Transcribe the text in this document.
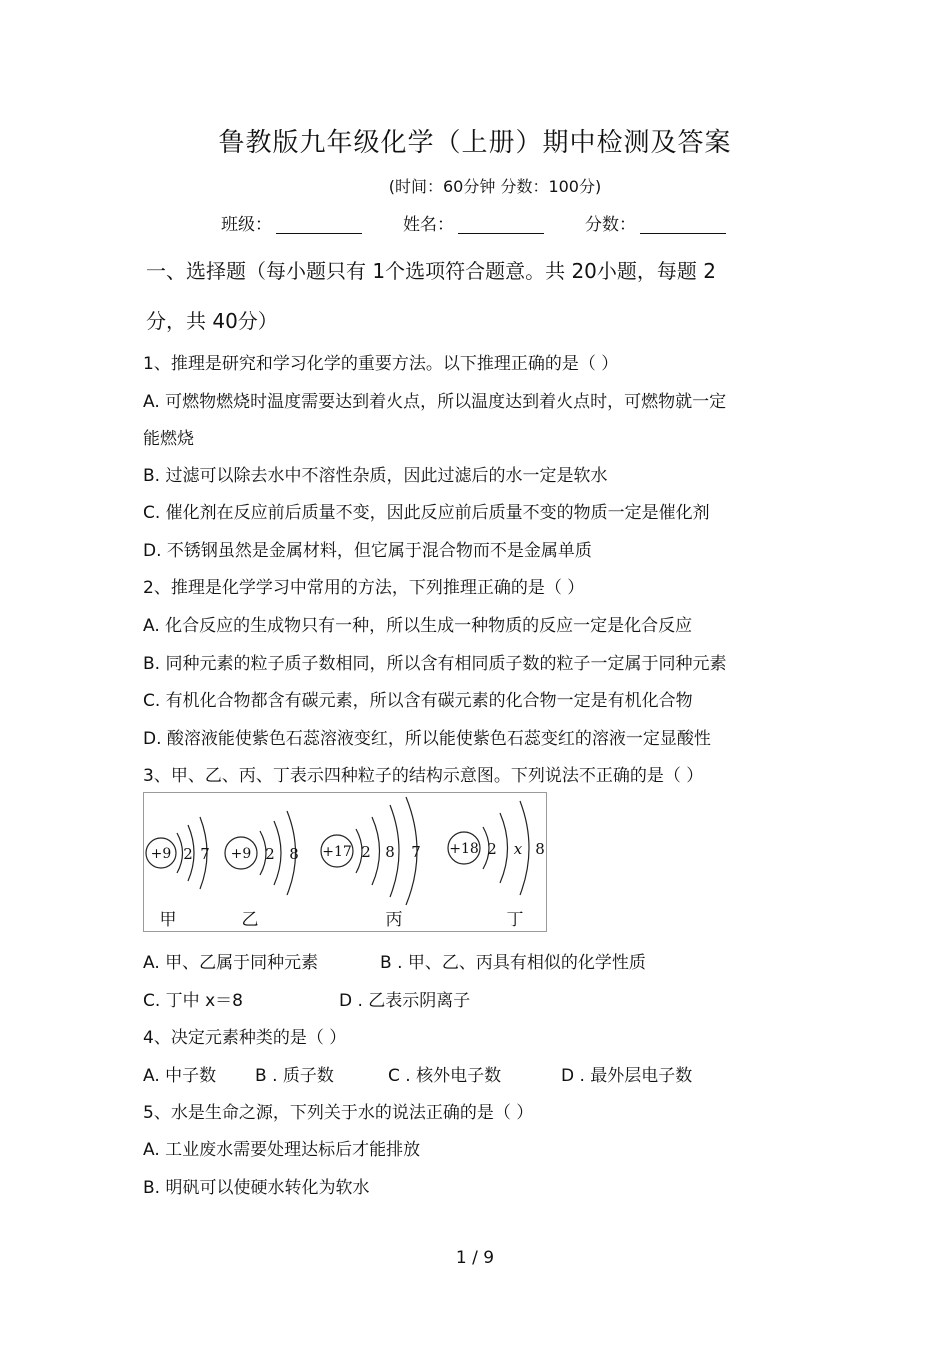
鲁教版九年级化学（上册）期中检测及答案
(时间：60分钟 分数：100分)
班级：	姓名：	分数：
一、选择题（每小题只有 1个选项符合题意。共 20小题，每题 2
分，共 40分）
1、推理是研究和学习化学的重要方法。以下推理正确的是（ ）
A. 可燃物燃烧时温度需要达到着火点，所以温度达到着火点时，可燃物就一定
能燃烧
B. 过滤可以除去水中不溶性杂质，因此过滤后的水一定是软水
C. 催化剂在反应前后质量不变，因此反应前后质量不变的物质一定是催化剂
D. 不锈钢虽然是金属材料，但它属于混合物而不是金属单质
2、推理是化学学习中常用的方法，下列推理正确的是（ ）
A. 化合反应的生成物只有一种，所以生成一种物质的反应一定是化合反应
B. 同种元素的粒子质子数相同，所以含有相同质子数的粒子一定属于同种元素
C. 有机化合物都含有碳元素，所以含有碳元素的化合物一定是有机化合物
D. 酸溶液能使紫色石蕊溶液变红，所以能使紫色石蕊变红的溶液一定显酸性
3、甲、乙、丙、丁表示四种粒子的结构示意图。下列说法不正确的是（ ）
+9 2 7 +9 2 8 +17 2 8 7 +18 2 x 8
甲	乙	丙	丁
A. 甲、乙属于同种元素	B . 甲、乙、丙具有相似的化学性质
C. 丁中 x＝8	D . 乙表示阴离子
4、决定元素种类的是（ ）
A. 中子数 B . 质子数	C . 核外电子数	D . 最外层电子数
5、水是生命之源，下列关于水的说法正确的是（ ）
A. 工业废水需要处理达标后才能排放
B. 明矾可以使硬水转化为软水
1 / 9
